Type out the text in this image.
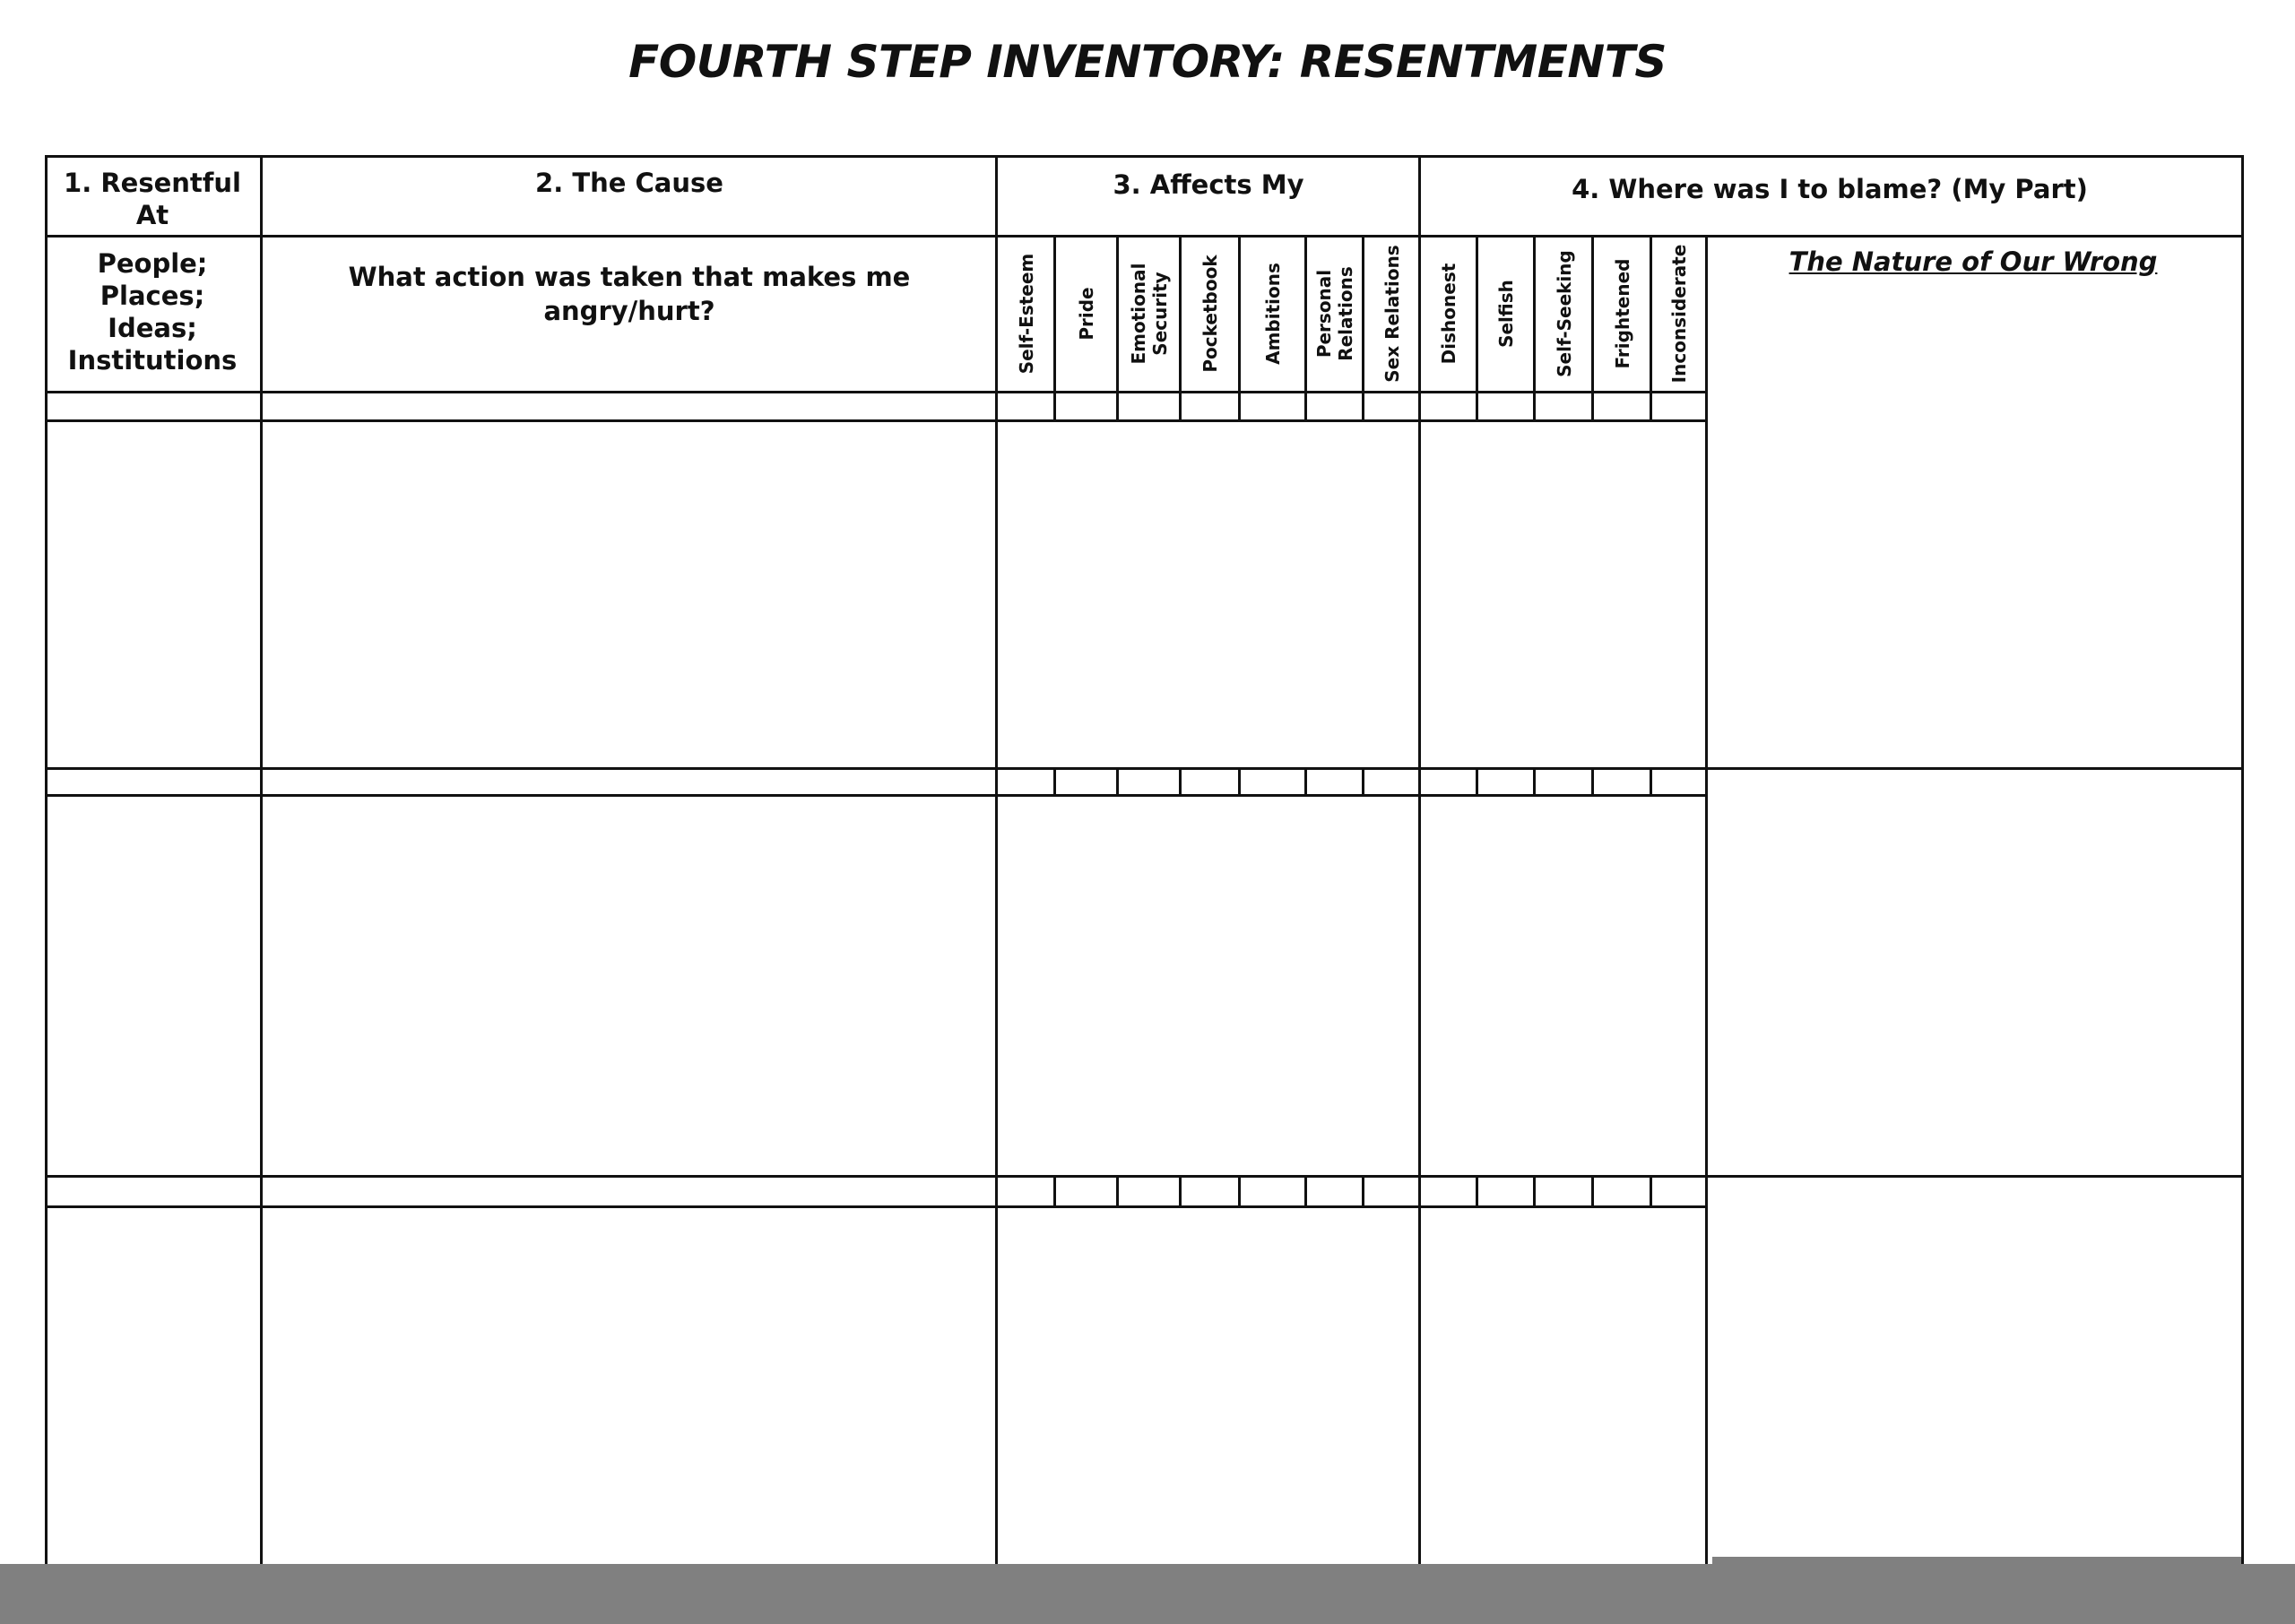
FOURTH STEP INVENTORY: RESENTMENTS
1. Resentful At
2. The Cause	3. Affects My	4. Where was I to blame? (My Part)
People;
Places;
Ideas;
Institutions
What action was taken that makes me angry/hurt?
The Nature of Our Wrong
Self-Esteem Pride Emotional Security Pocketbook Ambitions Personal Relations Sex Relations Dishonest Selfish Self-Seeking Frightened Inconsiderate
